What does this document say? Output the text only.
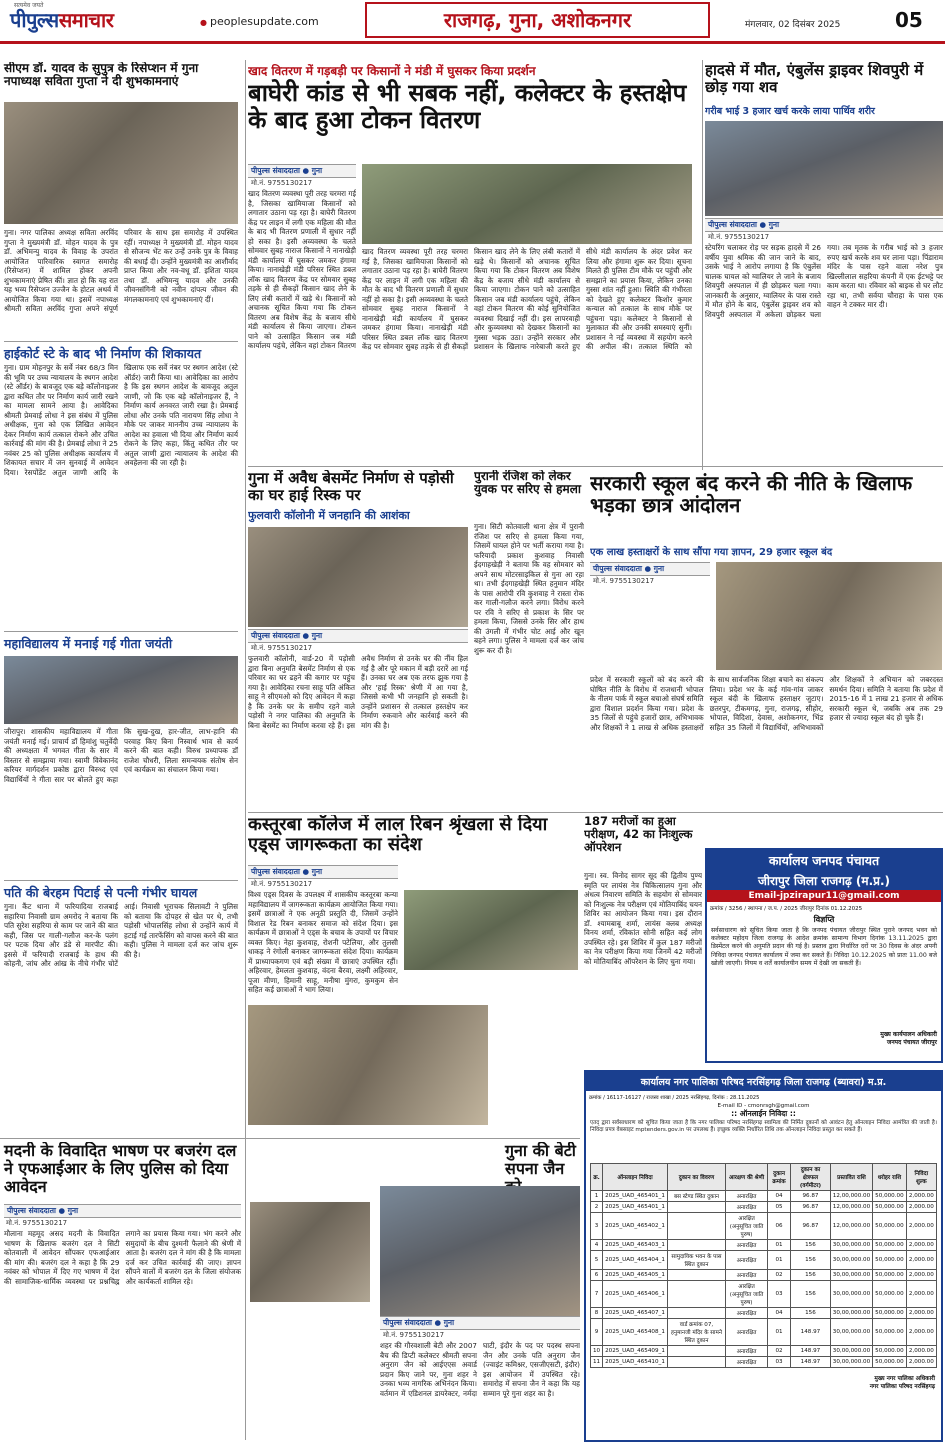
सत्यमेव जयते
पीपुल्ससमाचार	● peoplesupdate.com	राजगढ़, गुना, अशोकनगर	मंगलवार, 02 दिसंबर 2025	05
सीएम डॉ. यादव के सुपुत्र के रिसेप्शन में गुना नपाध्यक्ष सविता गुप्ता ने दी शुभकामनाएं
गुना। नगर पालिका अध्यक्ष सविता अरविंद गुप्ता ने मुख्यमंत्री डॉ. मोहन यादव के पुत्र डॉ. अभिमन्यु यादव के विवाह के उपरांत आयोजित पारिवारिक स्वागत समारोह (रिसेप्शन) में शामिल होकर अपनी शुभकामनाएं प्रेषित कीं। ज्ञात हो कि यह रात यह भव्य रिसेप्शन उज्जैन के होटल अथर्व में आयोजित किया गया था। इसमें नपाध्यक्ष श्रीमती सविता अरविंद गुप्ता अपने संपूर्ण परिवार के साथ इस समारोह में उपस्थित रहीं। नपाध्यक्ष ने मुख्यमंत्री डॉ. मोहन यादव से सौजन्य भेंट कर उन्हें उनके पुत्र के विवाह की बधाई दी। उन्होंने मुख्यमंत्री का आशीर्वाद प्राप्त किया और नव-वधू डॉ. इशिता यादव तथा डॉ. अभिमन्यु यादव और उनकी जीवनसंगिनी को नवीन दांपत्य जीवन की मंगलकामनाएं एवं शुभकामनाएं दीं।
हाईकोर्ट स्टे के बाद भी निर्माण की शिकायत
गुना। ग्राम मोहनपुर के सर्वे नंबर 68/3 मिन की भूमि पर उच्च न्यायालय के स्थगन आदेश (स्टे ऑर्डर) के बावजूद एक बड़े कॉलोनाइजर द्वारा कथित तौर पर निर्माण कार्य जारी रखने का मामला सामने आया है। आवेदिका श्रीमती प्रेमवाई लोधा ने इस संबंध में पुलिस अधीक्षक, गुना को एक लिखित आवेदन देकर निर्माण कार्य तत्काल रोकने और उचित कार्रवाई की मांग की है। प्रेमबाई लोधा ने 25 नवंबर 25 को पुलिस अधीक्षक कार्यालय में शिकायत सचार में जन सुनवाई में आवेदन दिया। रेसपोंडेंट अतुल जाणी आदि के खिलाफ एक सर्वे नंबर पर स्थगन आदेश (स्टे ऑर्डर) जारी किया था। आवेदिका का आरोप है कि इस स्थगन आदेश के बावजूद अतुल जाणी, जो कि एक बड़े कॉलोनाइजर हैं, ने निर्माण कार्य अनवरत जारी रखा है। प्रेमबाई लोधा और उनके पति नारायण सिंह लोधा ने मौके पर जाकर माननीय उच्च न्यायालय के आदेश का हवाला भी दिया और निर्माण कार्य रोकने के लिए कहा, किंतु कथित तौर पर अतुल जाणी द्वारा न्यायालय के आदेश की अवहेलना की जा रही है।
महाविद्यालय में मनाई गई गीता जयंती
जीरापुर। शासकीय महाविद्यालय में गीता जयंती मनाई गई। प्राचार्य डॉ हिमांशु चतुर्वेदी की अध्यक्षता में भगवत गीता के सार में विस्तार से समझाया गया। स्वामी विवेकानंद करियर मार्गदर्शन प्रकोष्ठ द्वारा विरुध्द एवं विद्यार्थियों ने गीता सार पर बोलते हुए कहा कि सुख-दुख, हार-जीत, लाभ-हानि की परवाह किए बिना निस्वार्थ भाव से कार्य करने की बात कही। विरुध प्रध्यापक डॉ राजेश चौधरी, लिला समन्वयक संतोष सेन एवं कार्यक्रम का संचालन किया गया।
पति की बेरहम पिटाई से पत्नी गंभीर घायल
गुना। कैंट थाना में फरियादिया राजबाई सहारिया निवासी ग्राम अमरोद ने बताया कि पति सुरेश सहरिया से काम पर जाने की बात कही, जिस पर गाली-गलौज कर-के पलंग पर पटक दिया और डंडे से मारपीट की। इससे में फरियादी राजबाई के हाथ की कोहनी, जांघ और आंख के नीचे गंभीर चोटें आई। निवासी भूराचक सिलावटी ने पुलिस को बताया कि दोपहर से खेत पर थे, तभी पड़ोसी भोपालसिंह लोधा से उन्होंने कार्य में हटाई गई तारफेंसिंग को वापस करने की बात कही। पुलिस ने मामला दर्ज कर जांच शुरू की है।
खाद वितरण में गड़बड़ी पर किसानों ने मंडी में घुसकर किया प्रदर्शन
बाघेरी कांड से भी सबक नहीं, कलेक्टर के हस्तक्षेप के बाद हुआ टोकन वितरण
पीपुल्स संवाददाता ● गुना
मो.नं. 9755130217
खाद वितरण व्यवस्था पूरी तरह चरमरा गई है, जिसका खामियाजा किसानों को लगातार उठाना पड़ रहा है। बाघेरी वितरण केंद्र पर लाइन में लगी एक महिला की मौत के बाद भी वितरण प्रणाली में सुधार नहीं हो सका है। इसी अव्यवस्था के चलते सोमवार सुबह नाराज किसानों ने नानाखेड़ी मंडी कार्यालय में घुसकर जमकर हंगामा किया। नानाखेड़ी मंडी परिसर स्थित डबल लॉक खाद वितरण केंद्र पर सोमवार सुबह तड़के से ही सैकड़ों किसान खाद लेने के लिए लंबी कतारों में खड़े थे। किसानों को अचानक सूचित किया गया कि टोकन वितरण अब विशेष केंद्र के बजाय सीधे मंडी कार्यालय से किया जाएगा। टोकन पाने को उत्साहित किसान जब मंडी कार्यालय पहुंचे, लेकिन वहां टोकन वितरण
खाद वितरण व्यवस्था पूरी तरह चरमरा गई है, जिसका खामियाजा किसानों को लगातार उठाना पड़ रहा है। बाघेरी वितरण केंद्र पर लाइन में लगी एक महिला की मौत के बाद भी वितरण प्रणाली में सुधार नहीं हो सका है। इसी अव्यवस्था के चलते सोमवार सुबह नाराज किसानों ने नानाखेड़ी मंडी कार्यालय में घुसकर जमकर हंगामा किया। नानाखेड़ी मंडी परिसर स्थित डबल लॉक खाद वितरण केंद्र पर सोमवार सुबह तड़के से ही सैकड़ों किसान खाद लेने के लिए लंबी कतारों में खड़े थे। किसानों को अचानक सूचित किया गया कि टोकन वितरण अब विशेष केंद्र के बजाय सीधे मंडी कार्यालय से किया जाएगा। टोकन पाने को उत्साहित किसान जब मंडी कार्यालय पहुंचे, लेकिन वहां टोकन वितरण की कोई सुनियोजित व्यवस्था दिखाई नहीं दी। इस लापरवाही और कुव्यवस्था को देखकर किसानों का गुस्सा भड़क उठा। उन्होंने सरकार और प्रशासन के खिलाफ नारेबाजी करते हुए सीधे मंडी कार्यालय के अंदर प्रवेश कर लिया और हंगामा शुरू कर दिया। सूचना मिलते ही पुलिस टीम मौके पर पहुंची और समझाने का प्रयास किया, लेकिन उनका गुस्सा शांत नहीं हुआ। स्थिति की गंभीरता को देखते हुए कलेक्टर किशोर कुमार कन्याल को तत्काल के साथ मौके पर पहुंचना पड़ा। कलेक्टर ने किसानों से मुलाकात की और उनकी समस्याएं सुनीं। प्रशासन ने नई व्यवस्था में सहयोग करने की अपील की। तत्काल स्थिति को
गुना में अवैध बेसमेंट निर्माण से पड़ोसी का घर हाई रिस्क पर
फुलवारी कॉलोनी में जनहानि की आशंका
पीपुल्स संवाददाता ● गुना
मो.नं. 9755130217
फुलवारी कॉलोनी, वार्ड-20 में पड़ोसी द्वारा बिना अनुमति बेसमेंट निर्माण से एक परिवार का घर ढहने की कगार पर पहुंच गया है। आवेदिका रचना साहू पति अंकित साहू ने सीएमओ को दिए आवेदन में कहा है कि उनके घर के समीप रहने वाले पड़ोसी ने नगर पालिका की अनुमति के बिना बेसमेंट का निर्माण करवा रहे हैं। इस अवैध निर्माण से उनके घर की नींव हिल गई है और पूरे मकान में बड़ी दरारें आ गई हैं। उनका घर अब एक तरफ झुक गया है और 'हाई रिस्क' श्रेणी में आ गया है, जिससे कभी भी जनहानि हो सकती है। उन्होंने प्रशासन से तत्काल हस्तक्षेप कर निर्माण रुकवाने और कार्रवाई करने की मांग की है।
पुरानी रंजिश को लेकर युवक पर सरिए से हमला
गुना। सिटी कोतवाली थाना क्षेत्र में पुरानी रंजिश पर सरिए से हमला किया गया, जिसमें घायल होने पर भर्ती कराया गया है। फरियादी प्रकाश कुशवाह निवासी ईदगाहखेड़ी ने बताया कि वह सोमवार को अपने साथ मोटरसाइकिल से गुना आ रहा था। तभी ईदगाहखेड़ी स्थित हनुमान मंदिर के पास आरोपी रवि कुशवाह ने रास्ता रोक कर गाली-गलौज करने लगा। विरोध करने पर रवि ने सरिए से प्रकाश के सिर पर हमला किया, जिससे उनके सिर और हाथ की उंगली में गंभीर चोट आई और खून बहने लगा। पुलिस ने मामला दर्ज कर जांच शुरू कर दी है।
हादसे में मौत, एंबुलेंस ड्राइवर शिवपुरी में छोड़ गया शव
गरीब भाई 3 हजार खर्च करके लाया पार्थिव शरीर
पीपुल्स संवाददाता ● गुना
मो.नं. 9755130217
स्टेयरिंग चलाकर रोड़ पर सड़क हादसे में 26 वर्षीय युवा श्रमिक की जान जाने के बाद, उसके भाई ने आरोप लगाया है कि एंबुलेंस चालक घायल को ग्वालियर ले जाने के बजाय शिवपुरी अस्पताल में ही छोड़कर चला गया। जानकारी के अनुसार, ग्वालियर के पास रास्ते में मौत होने के बाद, एंबुलेंस ड्राइवर शव को शिवपुरी अस्पताल में अकेला छोड़कर चला गया। तब मृतक के गरीब भाई को 3 हजार रुपए खर्च करके शव घर लाना पड़ा। पिंडाराम मंदिर के पास रहने वाला नरेश पुत्र खिल्लीलाल सहरिया कंपनी में एक ईटभट्टे पर काम करता था। रविवार को बाइक से घर लौट रहा था, तभी सर्वया चौराहा के पास एक वाहन ने टक्कर मार दी।
सरकारी स्कूल बंद करने की नीति के खिलाफ भड़का छात्र आंदोलन
एक लाख हस्ताक्षरों के साथ सौंपा गया ज्ञापन, 29 हजार स्कूल बंद
पीपुल्स संवाददाता ● गुना
मो.नं. 9755130217
प्रदेश में सरकारी स्कूलों को बंद करने की घोषित नीति के विरोध में राजधानी भोपाल के नीलम पार्क में स्कूल बचाओ संघर्ष समिति द्वारा विशाल प्रदर्शन किया गया। प्रदेश के 35 जिलों से पहुंचे हजारों छात्र, अभिभावक और शिक्षकों ने 1 लाख से अधिक हस्ताक्षरों के साथ सार्वजनिक शिक्षा बचाने का संकल्प लिया। प्रदेश भर के कई गांव-गांव जाकर स्कूल बंदी के खिलाफ हस्ताक्षर जुटाए। छतरपुर, टीकमगढ़, गुना, राजगढ़, सीहोर, भोपाल, विदिशा, देवास, अशोकनगर, भिंड सहित 35 जिलों में विद्यार्थियों, अभिभावकों और शिक्षकों ने अभियान को जबरदस्त समर्थन दिया। समिति ने बताया कि प्रदेश में 2015-16 में 1 लाख 21 हजार से अधिक सरकारी स्कूल थे, जबकि अब तक 29 हजार से ज्यादा स्कूल बंद हो चुके हैं।
कस्तूरबा कॉलेज में लाल रिबन श्रृंखला से दिया एड्स जागरूकता का संदेश
पीपुल्स संवाददाता ● गुना
मो.नं. 9755130217
विश्व एड्स दिवस के उपलक्ष्य में शासकीय कस्तूरबा कन्या महाविद्यालय में जागरूकता कार्यक्रम आयोजित किया गया। इसमें छात्राओं ने एक अनूठी प्रस्तुति दी, जिसमें उन्होंने विशाल रेड रिबन बनाकर समाज को संदेश दिया। इस कार्यक्रम में छात्राओं ने एड्स के बचाव के उपायों पर विचार व्यक्त किए। नेहा कुशवाह, रोशनी पटेलिया, और तुलसी धाकड़ ने रंगोली बनाकर जागरूकता संदेश दिया। कार्यक्रम में प्राध्यापकगण एवं बड़ी संख्या में छात्राएं उपस्थित रहीं। अहिरवार, हेमलता कुशवाह, वंदना बैरवा, लक्ष्मी अहिरवार, पूजा मीणा, हिमानी साहू, मनीषा मुंगरा, कुमकुम सेन सहित कई छात्राओं ने भाग लिया।
187 मरीजों का हुआ परीक्षण, 42 का निःशुल्क ऑपरेशन
गुना। स्व. विनोद सागर सूद की द्वितीय पुण्य स्मृति पर लायंस नेत्र चिकित्सालय गुना और अंधत्व निवारण समिति के सहयोग से सोमवार को निःशुल्क नेत्र परीक्षण एवं मोतियाबिंद चयन शिविर का आयोजन किया गया। इस दौरान डॉ. श्यामबाबू शर्मा, लायंस क्लब अध्यक्ष विनय शर्मा, रविकांत सोनी सहित कई लोग उपस्थित रहे। इस शिविर में कुल 187 मरीजों का नेत्र परीक्षण किया गया जिनमें 42 मरीजों को मोतियाबिंद ऑपरेशन के लिए चुना गया।
मदनी के विवादित भाषण पर बजरंग दल ने एफआईआर के लिए पुलिस को दिया आवेदन
पीपुल्स संवाददाता ● गुना
मो.नं. 9755130217
मौलाना महमूद असद मदनी के विवादित भाषण के खिलाफ बजरंग दल ने सिटी कोतवाली में आवेदन सौंपकर एफआईआर की मांग की। बजरंग दल ने कहा है कि 29 नवंबर को भोपाल में दिए गए भाषण में देश की सामाजिक-धार्मिक व्यवस्था पर प्रश्नचिह्न लगाने का प्रयास किया गया। भंग करने और समुदायों के बीच दुश्मनी फैलाने की श्रेणी में आता है। बजरंग दल ने मांग की है कि मामला दर्ज कर उचित कार्रवाई की जाए। ज्ञापन सौंपने वालों में बजरंग दल के जिला संयोजक और कार्यकर्ता शामिल रहे।
गुना की बेटी सपना जैन
पीपुल्स संवाददाता ● गुना
मो.नं. 9755130217
शहर की गौरवशाली बेटी और 2007 बैच की डिप्टी कलेक्टर श्रीमती सपना अनुराग जैन को आईएएस अवार्ड प्रदान किए जाने पर, गुना शहर ने उनका भव्य नागरिक अभिनंदन किया। वर्तमान में एडिशनल डायरेक्टर, नर्मदा घाटी, इंदौर के पद पर पदस्थ सपना जैन और उनके पति अनुराग जैन (ज्वाइंट कमिश्नर, एसजीएसटी, इंदौर) इस आयोजन में उपस्थित रहे। समारोह में सपना जैन ने कहा कि यह सम्मान पूरे गुना शहर का है।
कार्यालय जनपद पंचायत
जीरापुर जिला राजगढ़ (म.प्र.)
Email-jpzirapur11@gmail.com
क्रमांक / 3256 / स्थापना / ज.प. / 2025 जीरापुर दिनांक 01.12.2025
विज्ञप्ति
सर्वसाधारण को सूचित किया जाता है कि जनपद पंचायत जीरापुर स्थित पुराने जनपद भवन को कलेक्टर महोदय जिला राजगढ़ के आदेश क्रमांक सामान्य विभाग दिनांक 13.11.2025 द्वारा डिस्मेंटल करने की अनुमति प्रदान की गई है। प्रस्ताव द्वारा निर्धारित दरों पर 30 दिवस के अंदर अपनी निविदा जनपद पंचायत कार्यालय में जमा कर सकते हैं। निविदा 10.12.2025 को प्रातः 11.00 बजे खोली जाएगी। नियम व शर्तें कार्यालयीन समय में देखी जा सकती हैं।
मुख्य कार्यपालन अधिकारी
जनपद पंचायत जीरापुर
कार्यालय नगर पालिका परिषद नरसिंहगढ़ जिला राजगढ़ (ब्यावरा) म.प्र.
क्रमांक / 16117-16127 / राजस्व शाखा / 2025 नरसिंहगढ़, दिनांक : 28.11.2025
E-mail ID - cmonrsgh@gmail.com
:: ऑनलाईन निविदा ::
एतद् द्वारा सर्वसाधारण को सूचित किया जाता है कि नगर पालिका परिषद नरसिंहगढ़ स्वामित्व की निर्मित दुकानों को आवंटन हेतु ऑनलाइन निविदा आमंत्रित की जाती है। निविदा प्रपत्र वेबसाइट mptenders.gov.in पर उपलब्ध हैं। इच्छुक व्यक्ति निर्धारित तिथि तक ऑनलाइन निविदा प्रस्तुत कर सकते हैं।
क्र.	ऑनलाइन निविदा	दुकान का विवरण	आरक्षण की श्रेणी	दुकान क्रमांक	दुकान का क्षेत्रफल (वर्गमीटर)	प्रस्तावित राशि	धरोहर राशि	निविदा शुल्क
1	2025_UAD_465401_1	बस स्टेण्ड स्थित दुकान	अनारक्षित	04	96.87	12,00,000.00	50,000.00	2,000.00
2	2025_UAD_465401_1		अनारक्षित	05	96.87	12,00,000.00	50,000.00	2,000.00
3	2025_UAD_465402_1		आरक्षित (अनुसूचित जाति पुरुष)	06	96.87	12,00,000.00	50,000.00	2,000.00
4	2025_UAD_465403_1		अनारक्षित	01	156	30,00,000.00	50,000.00	2,000.00
5	2025_UAD_465404_1	सामुदायिक भवन के पास स्थित दुकान	अनारक्षित	01	156	30,00,000.00	50,000.00	2,000.00
6	2025_UAD_465405_1		अनारक्षित	02	156	30,00,000.00	50,000.00	2,000.00
7	2025_UAD_465406_1		आरक्षित (अनुसूचित जाति पुरुष)	03	156	30,00,000.00	50,000.00	2,000.00
8	2025_UAD_465407_1		अनारक्षित	04	156	30,00,000.00	50,000.00	2,000.00
9	2025_UAD_465408_1	वार्ड क्रमांक 07, हनुमानजी मंदिर के सामने स्थित दुकान	अनारक्षित	01	148.97	30,00,000.00	50,000.00	2,000.00
10	2025_UAD_465409_1		अनारक्षित	02	148.97	30,00,000.00	50,000.00	2,000.00
11	2025_UAD_465410_1		अनारक्षित	03	148.97	30,00,000.00	50,000.00	2,000.00
मुख्य नगर पालिका अधिकारी
नगर पालिका परिषद नरसिंहगढ़
